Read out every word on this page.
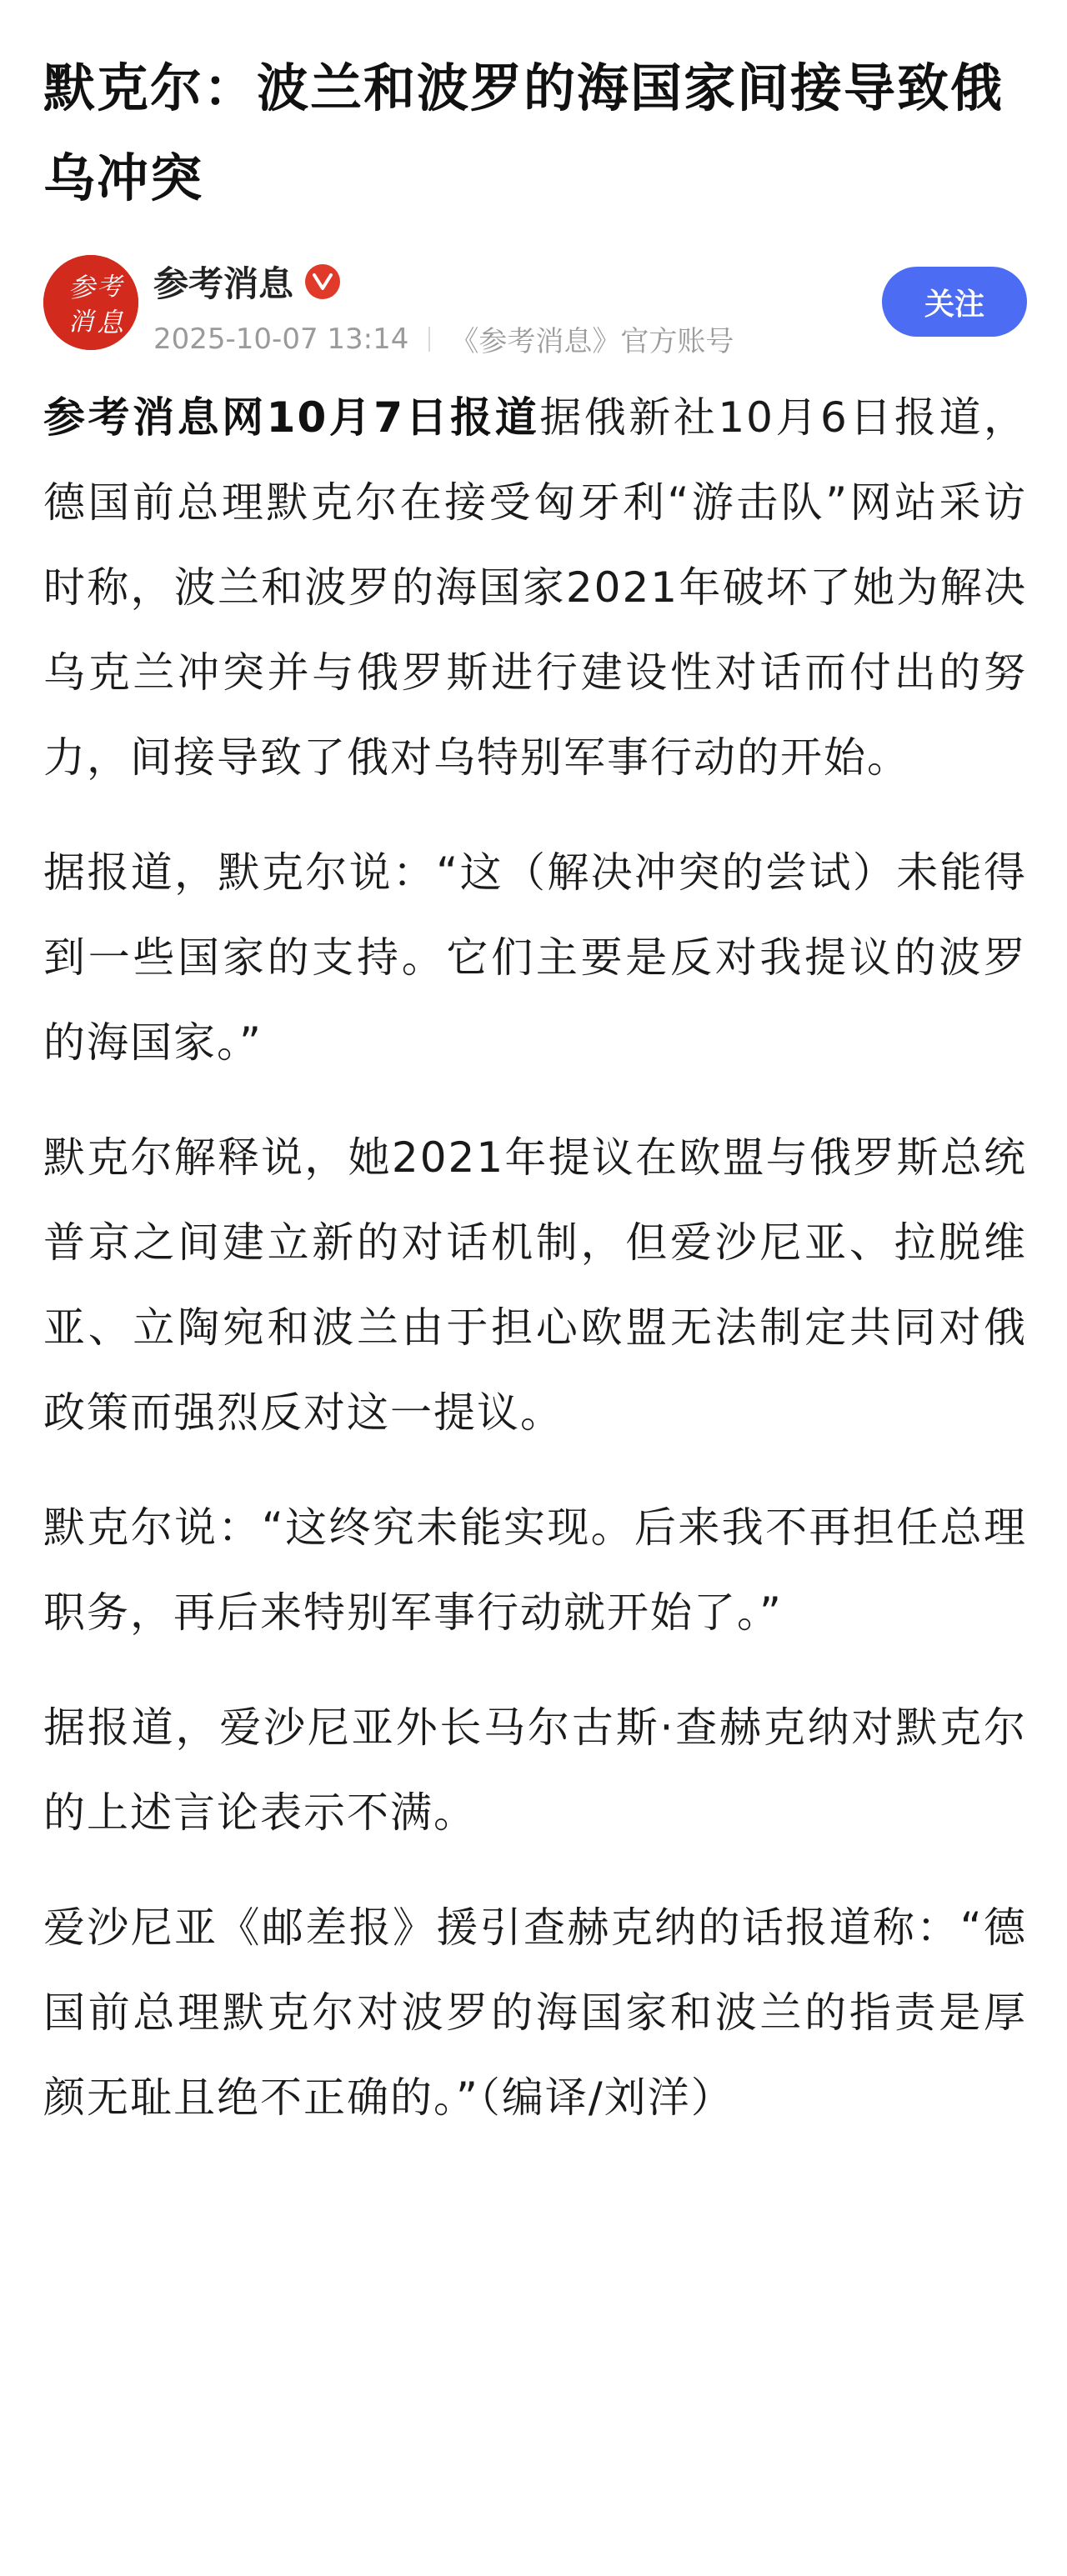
默克尔：波兰和波罗的海国家间接导致俄乌冲突
参 考
消 息
参考消息
2025-10-07 13:14 《参考消息》官方账号
关注

参考消息网10月7日报道据俄新社10月6日报道，德国前总理默克尔在接受匈牙利“游击队”网站采访时称，波兰和波罗的海国家2021年破坏了她为解决乌克兰冲突并与俄罗斯进行建设性对话而付出的努力，间接导致了俄对乌特别军事行动的开始。

据报道，默克尔说：“这（解决冲突的尝试）未能得到一些国家的支持。它们主要是反对我提议的波罗的海国家。”

默克尔解释说，她2021年提议在欧盟与俄罗斯总统普京之间建立新的对话机制，但爱沙尼亚、拉脱维亚、立陶宛和波兰由于担心欧盟无法制定共同对俄政策而强烈反对这一提议。

默克尔说：“这终究未能实现。后来我不再担任总理职务，再后来特别军事行动就开始了。”

据报道，爱沙尼亚外长马尔古斯·查赫克纳对默克尔的上述言论表示不满。

爱沙尼亚《邮差报》援引查赫克纳的话报道称：“德国前总理默克尔对波罗的海国家和波兰的指责是厚颜无耻且绝不正确的。”（编译/刘洋）
